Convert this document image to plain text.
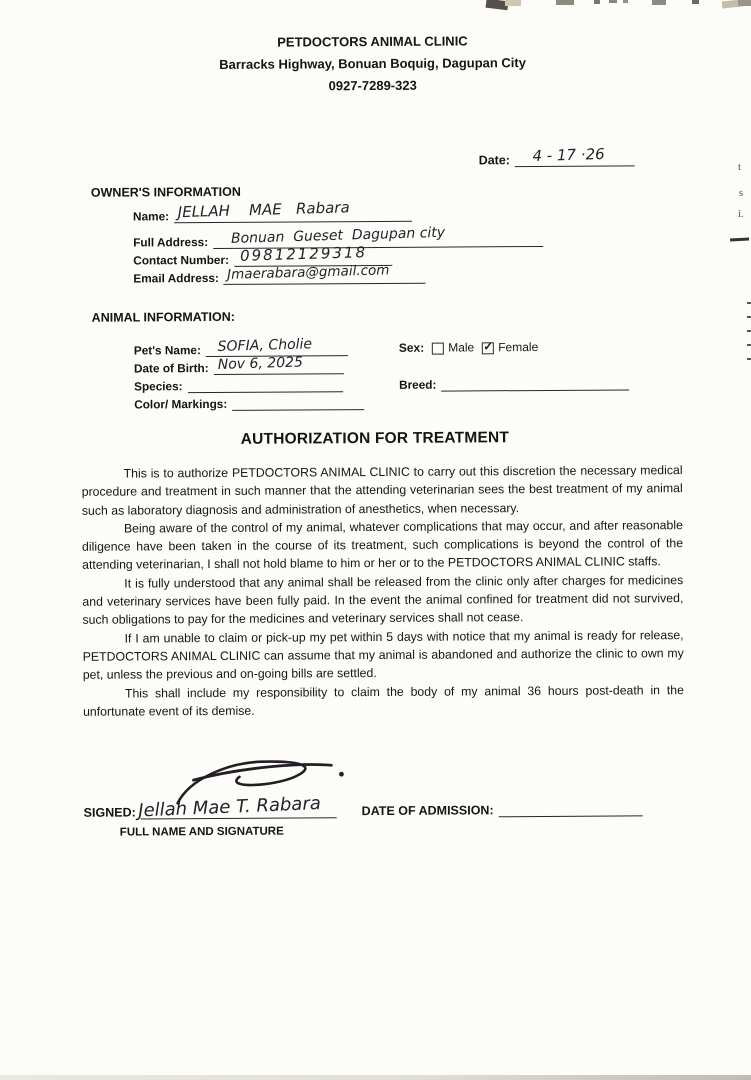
PETDOCTORS ANIMAL CLINIC
Barracks Highway, Bonuan Boquig, Dagupan City
0927-7289-323
Date: 4 - 17 ·26
OWNER'S INFORMATION
Name: JELLAH    MAE   Rabara
Full Address: Bonuan  Gueset  Dagupan city
Contact Number: 09812129318
Email Address: Jmaerabara@gmail.com
ANIMAL INFORMATION:
Pet's Name: SOFIA, Cholie	Sex: Male ✓ Female
Date of Birth: Nov 6, 2025
Species:	Breed:
Color/ Markings:
AUTHORIZATION FOR TREATMENT

This is to authorize PETDOCTORS ANIMAL CLINIC to carry out this discretion the necessary medical procedure and treatment in such manner that the attending veterinarian sees the best treatment of my animal such as laboratory diagnosis and administration of anesthetics, when necessary.

Being aware of the control of my animal, whatever complications that may occur, and after reasonable diligence have been taken in the course of its treatment, such complications is beyond the control of the attending veterinarian, I shall not hold blame to him or her or to the PETDOCTORS ANIMAL CLINIC staffs.

It is fully understood that any animal shall be released from the clinic only after charges for medicines and veterinary services have been fully paid. In the event the animal confined for treatment did not survived, such obligations to pay for the medicines and veterinary services shall not cease.

If I am unable to claim or pick-up my pet within 5 days with notice that my animal is ready for release, PETDOCTORS ANIMAL CLINIC can assume that my animal is abandoned and authorize the clinic to own my pet, unless the previous and on-going bills are settled.

This shall include my responsibility to claim the body of my animal 36 hours post-death in the unfortunate event of its demise.

SIGNED: Jellah Mae T. Rabara
FULL NAME AND SIGNATURE
DATE OF ADMISSION:
t
s
i.
